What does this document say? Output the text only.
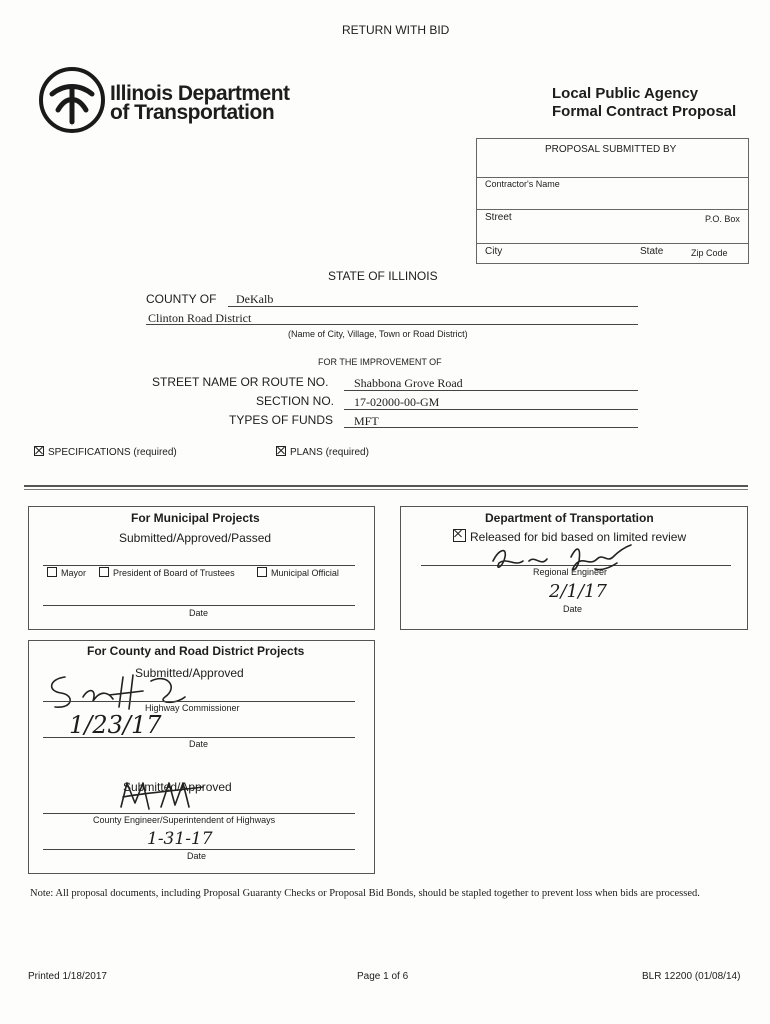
RETURN WITH BID
Illinois Department
of Transportation
Local Public Agency
Formal Contract Proposal
PROPOSAL SUBMITTED BY
Contractor's Name
Street	P.O. Box
City	State	Zip Code
STATE OF ILLINOIS
COUNTY OF DeKalb
Clinton Road District
(Name of City, Village, Town or Road District)
FOR THE IMPROVEMENT OF
STREET NAME OR ROUTE NO. Shabbona Grove Road
SECTION NO. 17-02000-00-GM
TYPES OF FUNDS MFT
SPECIFICATIONS (required)	PLANS (required)
For Municipal Projects
Submitted/Approved/Passed
Mayor	President of Board of Trustees	Municipal Official
Date
Department of Transportation
Released for bid based on limited review
Regional Engineer
2/1/17
Date
For County and Road District Projects
Submitted/Approved
Highway Commissioner
1/23/17
Date
Submitted/Approved
County Engineer/Superintendent of Highways
1-31-17
Date
Note: All proposal documents, including Proposal Guaranty Checks or Proposal Bid Bonds, should be stapled together to prevent loss when bids are processed.
Printed 1/18/2017	Page 1 of 6	BLR 12200 (01/08/14)
